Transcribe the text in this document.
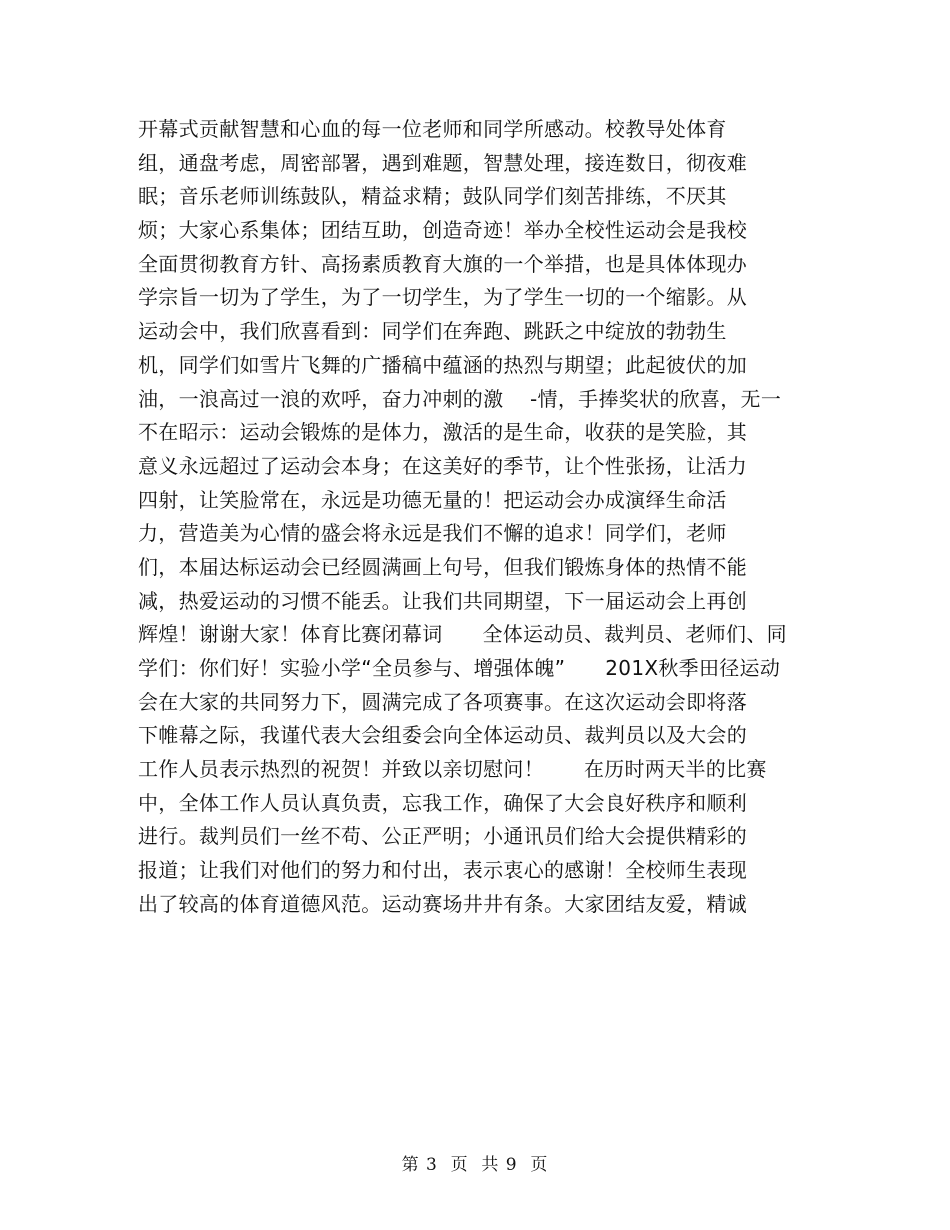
开幕式贡献智慧和心血的每一位老师和同学所感动。校教导处体育
组，通盘考虑，周密部署，遇到难题，智慧处理，接连数日，彻夜难
眠；音乐老师训练鼓队，精益求精；鼓队同学们刻苦排练，不厌其
烦；大家心系集体；团结互助，创造奇迹！举办全校性运动会是我校
全面贯彻教育方针、高扬素质教育大旗的一个举措，也是具体体现办
学宗旨一切为了学生，为了一切学生，为了学生一切的一个缩影。从
运动会中，我们欣喜看到：同学们在奔跑、跳跃之中绽放的勃勃生
机，同学们如雪片飞舞的广播稿中蕴涵的热烈与期望；此起彼伏的加
油，一浪高过一浪的欢呼，奋力冲刺的激    -情，手捧奖状的欣喜，无一
不在昭示：运动会锻炼的是体力，激活的是生命，收获的是笑脸，其
意义永远超过了运动会本身；在这美好的季节，让个性张扬，让活力
四射，让笑脸常在，永远是功德无量的！把运动会办成演绎生命活
力，营造美为心情的盛会将永远是我们不懈的追求！同学们，老师
们，本届达标运动会已经圆满画上句号，但我们锻炼身体的热情不能
减，热爱运动的习惯不能丢。让我们共同期望，下一届运动会上再创
辉煌！谢谢大家！体育比赛闭幕词      全体运动员、裁判员、老师们、同
学们：你们好！实验小学“全员参与、增强体魄”      201X秋季田径运动
会在大家的共同努力下，圆满完成了各项赛事。在这次运动会即将落
下帷幕之际，我谨代表大会组委会向全体运动员、裁判员以及大会的
工作人员表示热烈的祝贺！并致以亲切慰问！      在历时两天半的比赛
中，全体工作人员认真负责，忘我工作，确保了大会良好秩序和顺利
进行。裁判员们一丝不苟、公正严明；小通讯员们给大会提供精彩的
报道；让我们对他们的努力和付出，表示衷心的感谢！全校师生表现
出了较高的体育道德风范。运动赛场井井有条。大家团结友爱，精诚
第 3  页  共 9  页
